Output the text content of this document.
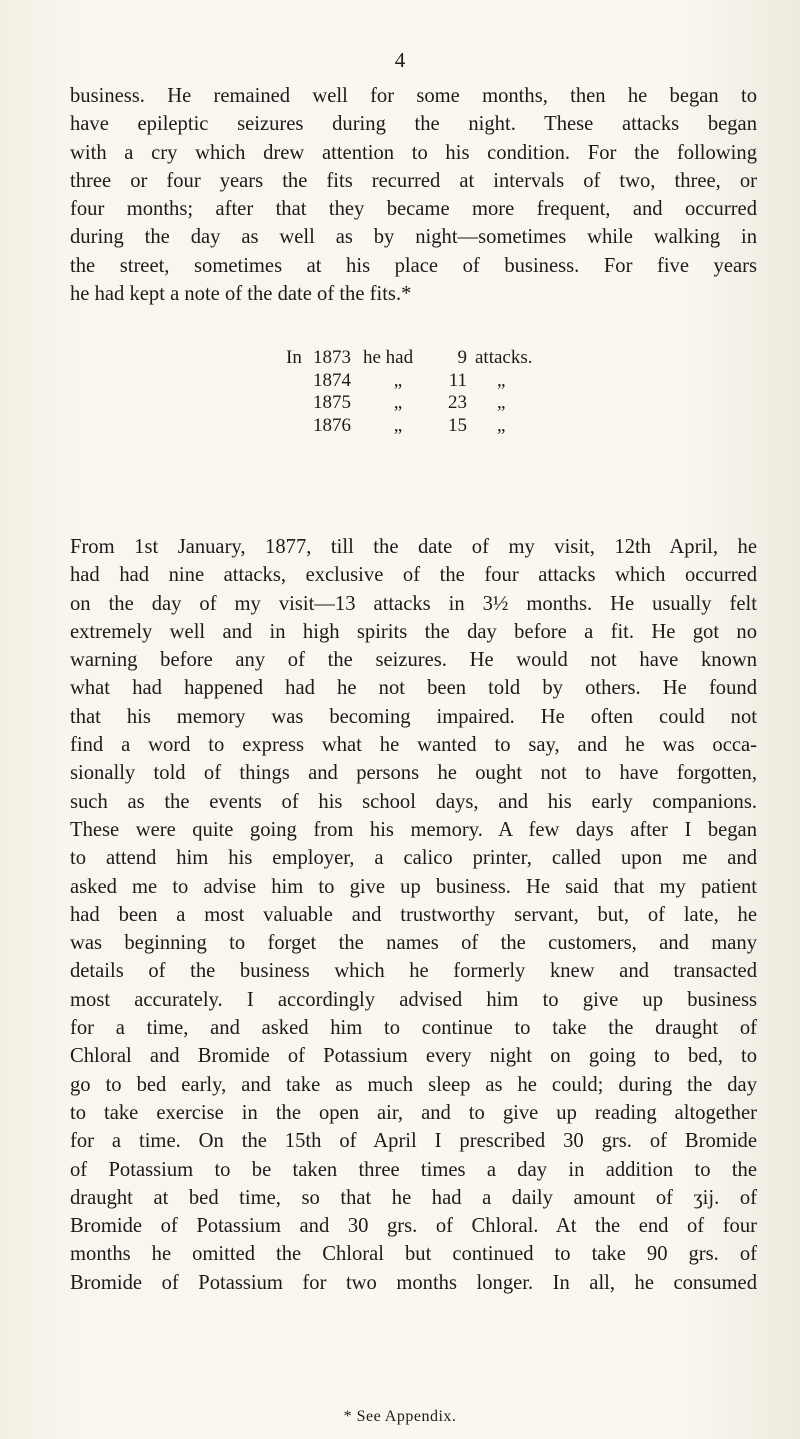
4
business. He remained well for some months, then he began to
have epileptic seizures during the night. These attacks began
with a cry which drew attention to his condition. For the following
three or four years the fits recurred at intervals of two, three, or
four months; after that they became more frequent, and occurred
during the day as well as by night—sometimes while walking in
the street, sometimes at his place of business. For five years
he had kept a note of the date of the fits.*
In 1873 he had	9 attacks.
1874	„	11	„
1875	„	23	„
1876	„	15	„
From 1st January, 1877, till the date of my visit, 12th April, he
had had nine attacks, exclusive of the four attacks which occurred
on the day of my visit—13 attacks in 3½ months. He usually felt
extremely well and in high spirits the day before a fit. He got no
warning before any of the seizures. He would not have known
what had happened had he not been told by others. He found
that his memory was becoming impaired. He often could not
find a word to express what he wanted to say, and he was occa-
sionally told of things and persons he ought not to have forgotten,
such as the events of his school days, and his early companions.
These were quite going from his memory. A few days after I began
to attend him his employer, a calico printer, called upon me and
asked me to advise him to give up business. He said that my patient
had been a most valuable and trustworthy servant, but, of late, he
was beginning to forget the names of the customers, and many
details of the business which he formerly knew and transacted
most accurately. I accordingly advised him to give up business
for a time, and asked him to continue to take the draught of
Chloral and Bromide of Potassium every night on going to bed, to
go to bed early, and take as much sleep as he could; during the day
to take exercise in the open air, and to give up reading altogether
for a time. On the 15th of April I prescribed 30 grs. of Bromide
of Potassium to be taken three times a day in addition to the
draught at bed time, so that he had a daily amount of ʒij. of
Bromide of Potassium and 30 grs. of Chloral. At the end of four
months he omitted the Chloral but continued to take 90 grs. of
Bromide of Potassium for two months longer. In all, he consumed
* See Appendix.
